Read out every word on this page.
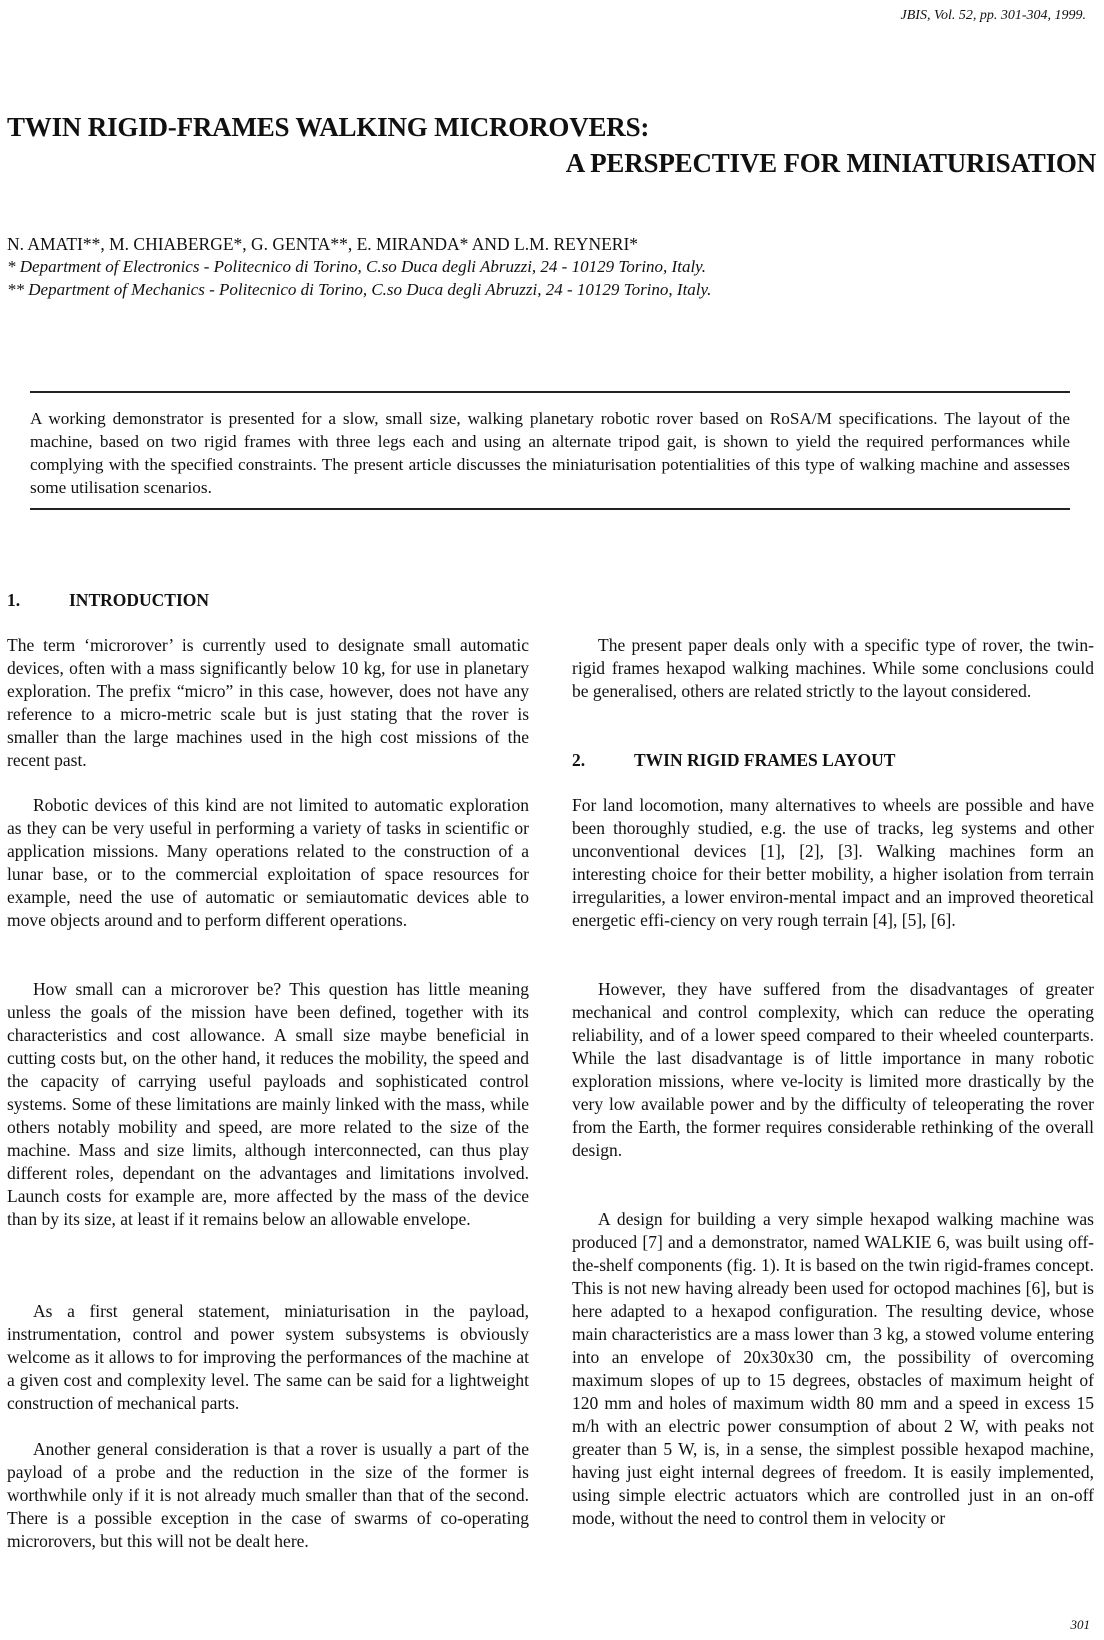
JBIS, Vol. 52, pp. 301-304, 1999.
TWIN RIGID-FRAMES WALKING MICROROVERS:
A PERSPECTIVE FOR MINIATURISATION
N. AMATI**, M. CHIABERGE*, G. GENTA**, E. MIRANDA* AND L.M. REYNERI*
* Department of Electronics - Politecnico di Torino, C.so Duca degli Abruzzi, 24 - 10129 Torino, Italy.
** Department of Mechanics - Politecnico di Torino, C.so Duca degli Abruzzi, 24 - 10129 Torino, Italy.
A working demonstrator is presented for a slow, small size, walking planetary robotic rover based on RoSA/M specifications. The layout of the machine, based on two rigid frames with three legs each and using an alternate tripod gait, is shown to yield the required performances while complying with the specified constraints. The present article discusses the miniaturisation potentialities of this type of walking machine and assesses some utilisation scenarios.
1.	INTRODUCTION

The term ‘microrover’ is currently used to designate small automatic devices, often with a mass significantly below 10 kg, for use in planetary exploration. The prefix “micro” in this case, however, does not have any reference to a micro-metric scale but is just stating that the rover is smaller than the large machines used in the high cost missions of the recent past.

Robotic devices of this kind are not limited to automatic exploration as they can be very useful in performing a variety of tasks in scientific or application missions. Many operations related to the construction of a lunar base, or to the commercial exploitation of space resources for example, need the use of automatic or semiautomatic devices able to move objects around and to perform different operations.

How small can a microrover be? This question has little meaning unless the goals of the mission have been defined, together with its characteristics and cost allowance. A small size maybe beneficial in cutting costs but, on the other hand, it reduces the mobility, the speed and the capacity of carrying useful payloads and sophisticated control systems. Some of these limitations are mainly linked with the mass, while others notably mobility and speed, are more related to the size of the machine. Mass and size limits, although interconnected, can thus play different roles, dependant on the advantages and limitations involved. Launch costs for example are, more affected by the mass of the device than by its size, at least if it remains below an allowable envelope.

As a first general statement, miniaturisation in the payload, instrumentation, control and power system subsystems is obviously welcome as it allows to for improving the performances of the machine at a given cost and complexity level. The same can be said for a lightweight construction of mechanical parts.

Another general consideration is that a rover is usually a part of the payload of a probe and the reduction in the size of the former is worthwhile only if it is not already much smaller than that of the second. There is a possible exception in the case of swarms of co-operating microrovers, but this will not be dealt here.

The present paper deals only with a specific type of rover, the twin-rigid frames hexapod walking machines. While some conclusions could be generalised, others are related strictly to the layout considered.

2.	TWIN RIGID FRAMES LAYOUT

For land locomotion, many alternatives to wheels are possible and have been thoroughly studied, e.g. the use of tracks, leg systems and other unconventional devices [1], [2], [3]. Walking machines form an interesting choice for their better mobility, a higher isolation from terrain irregularities, a lower environ-mental impact and an improved theoretical energetic effi-ciency on very rough terrain [4], [5], [6].

However, they have suffered from the disadvantages of greater mechanical and control complexity, which can reduce the operating reliability, and of a lower speed compared to their wheeled counterparts. While the last disadvantage is of little importance in many robotic exploration missions, where ve-locity is limited more drastically by the very low available power and by the difficulty of teleoperating the rover from the Earth, the former requires considerable rethinking of the overall design.

A design for building a very simple hexapod walking machine was produced [7] and a demonstrator, named WALKIE 6, was built using off-the-shelf components (fig. 1). It is based on the twin rigid-frames concept. This is not new having already been used for octopod machines [6], but is here adapted to a hexapod configuration. The resulting device, whose main characteristics are a mass lower than 3 kg, a stowed volume entering into an envelope of 20x30x30 cm, the possibility of overcoming maximum slopes of up to 15 degrees, obstacles of maximum height of 120 mm and holes of maximum width 80 mm and a speed in excess 15 m/h with an electric power consumption of about 2 W, with peaks not greater than 5 W, is, in a sense, the simplest possible hexapod machine, having just eight internal degrees of freedom. It is easily implemented, using simple electric actuators which are controlled just in an on-off mode, without the need to control them in velocity or

301
